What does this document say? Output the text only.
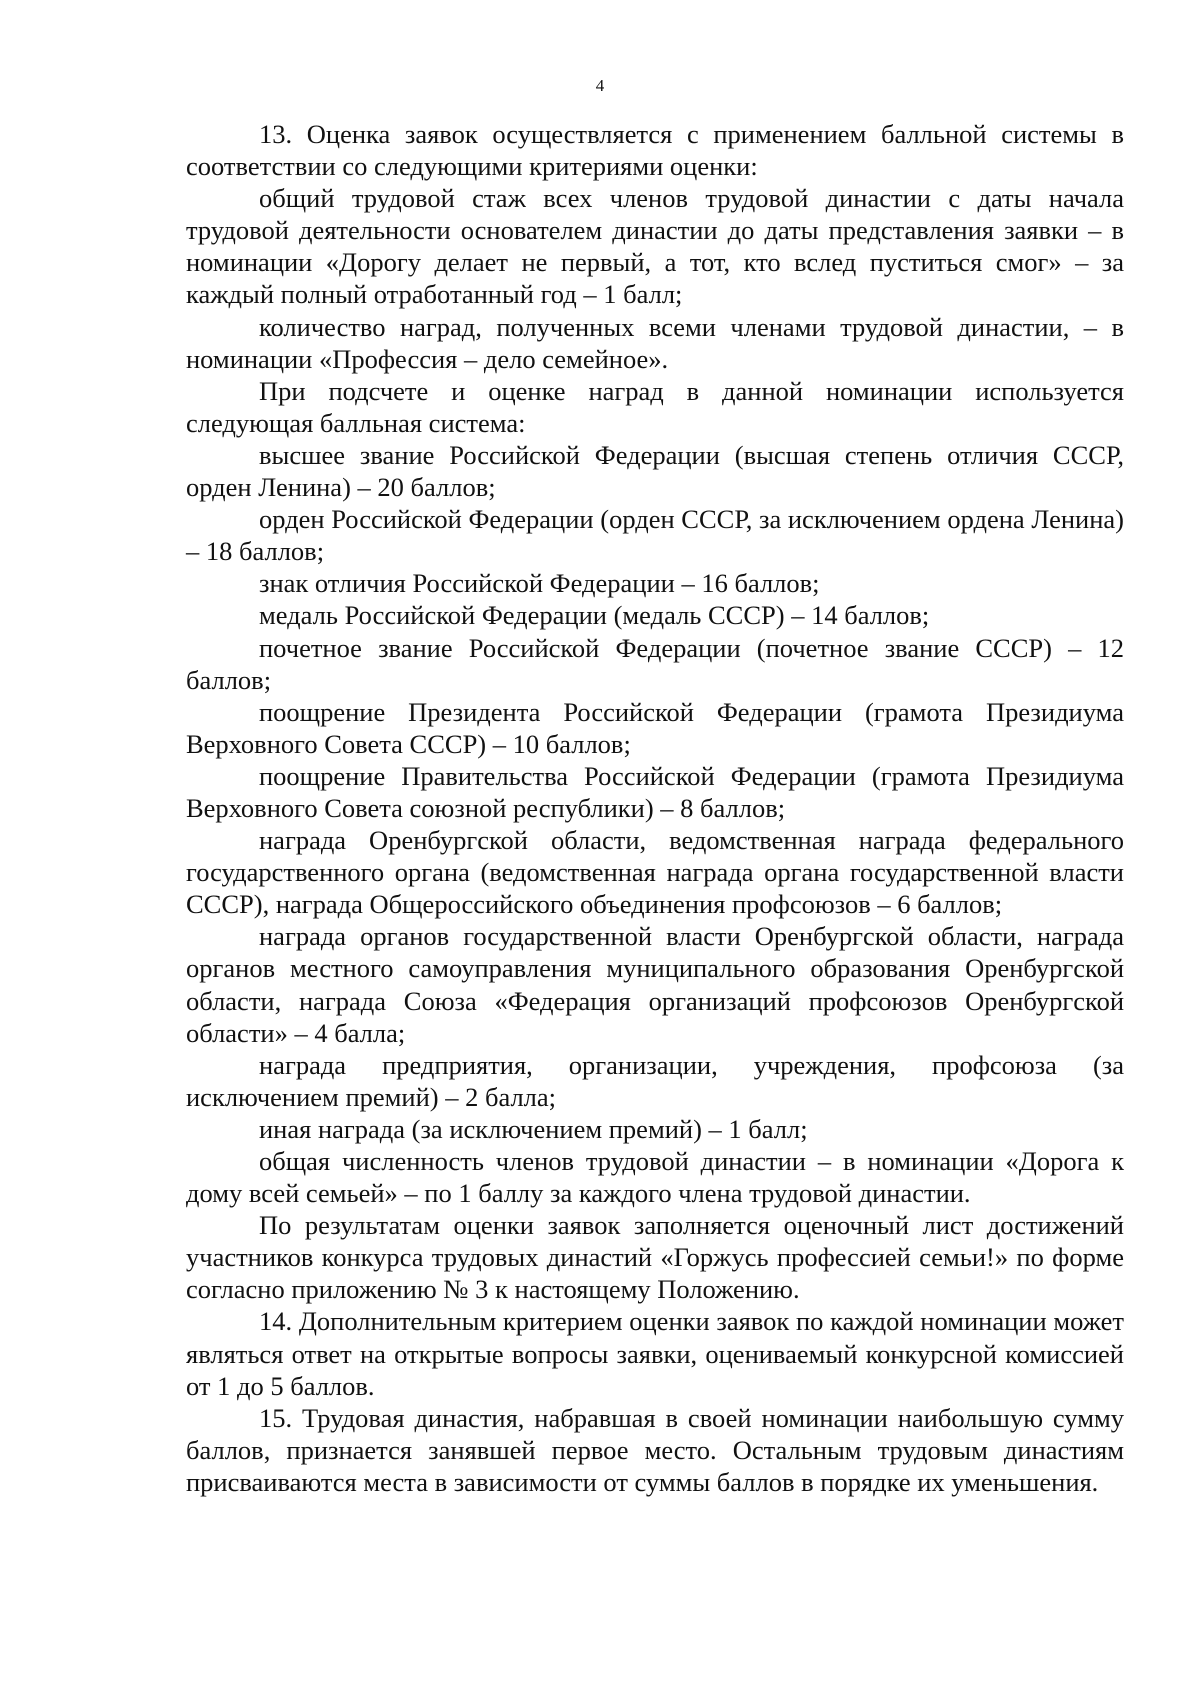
4

13. Оценка заявок осуществляется с применением балльной системы в соответствии со следующими критериями оценки:

общий трудовой стаж всех членов трудовой династии с даты начала трудовой деятельности основателем династии до даты представления заявки – в номинации «Дорогу делает не первый, а тот, кто вслед пуститься смог» – за каждый полный отработанный год – 1 балл;

количество наград, полученных всеми членами трудовой династии, – в номинации «Профессия – дело семейное».

При подсчете и оценке наград в данной номинации используется следующая балльная система:

высшее звание Российской Федерации (высшая степень отличия СССР, орден Ленина) – 20 баллов;

орден Российской Федерации (орден СССР, за исключением ордена Ленина) – 18 баллов;

знак отличия Российской Федерации – 16 баллов;

медаль Российской Федерации (медаль СССР) – 14 баллов;

почетное звание Российской Федерации (почетное звание СССР) – 12 баллов;

поощрение Президента Российской Федерации (грамота Президиума Верховного Совета СССР) – 10 баллов;

поощрение Правительства Российской Федерации (грамота Президиума Верховного Совета союзной республики) – 8 баллов;

награда Оренбургской области, ведомственная награда федерального государственного органа (ведомственная награда органа государственной власти СССР), награда Общероссийского объединения профсоюзов – 6 баллов;

награда органов государственной власти Оренбургской области, награда органов местного самоуправления муниципального образования Оренбургской области, награда Союза «Федерация организаций профсоюзов Оренбургской области» – 4 балла;

награда предприятия, организации, учреждения, профсоюза (за исключением премий) – 2 балла;

иная награда (за исключением премий) – 1 балл;

общая численность членов трудовой династии – в номинации «Дорога к дому всей семьей» – по 1 баллу за каждого члена трудовой династии.

По результатам оценки заявок заполняется оценочный лист достижений участников конкурса трудовых династий «Горжусь профессией семьи!» по форме согласно приложению № 3 к настоящему Положению.

14. Дополнительным критерием оценки заявок по каждой номинации может являться ответ на открытые вопросы заявки, оцениваемый конкурсной комиссией от 1 до 5 баллов.

15. Трудовая династия, набравшая в своей номинации наибольшую сумму баллов, признается занявшей первое место. Остальным трудовым династиям присваиваются места в зависимости от суммы баллов в порядке их уменьшения.
